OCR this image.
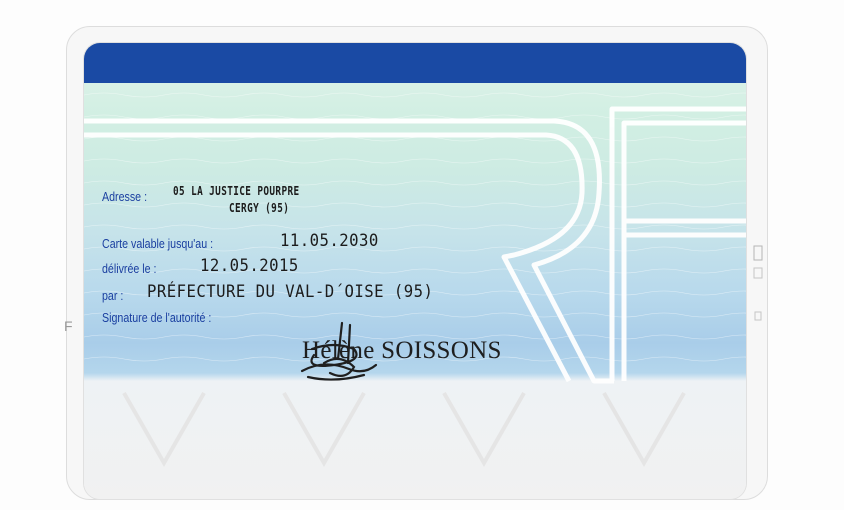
F
Adresse : 05 LA JUSTICE POURPRE
CERGY (95)
Carte valable jusqu'au :	11.05.2030
délivrée le :	12.05.2015
par : PRÉFECTURE DU VAL-D´OISE (95)
Signature de l'autorité :
Hélène SOISSONS
